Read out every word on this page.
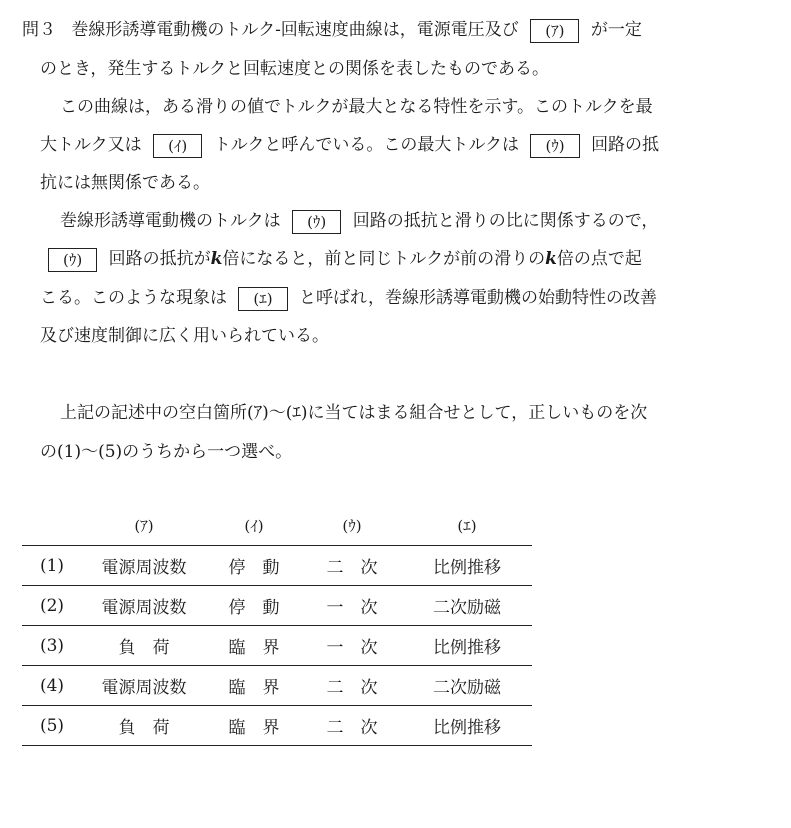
問３ 巻線形誘導電動機のトルク-回転速度曲線は，電源電圧及び (ｱ) が一定
のとき，発生するトルクと回転速度との関係を表したものである。
この曲線は，ある滑りの値でトルクが最大となる特性を示す。このトルクを最
大トルク又は (ｲ) トルクと呼んでいる。この最大トルクは (ｳ) 回路の抵
抗には無関係である。
巻線形誘導電動機のトルクは (ｳ) 回路の抵抗と滑りの比に関係するので，
(ｳ) 回路の抵抗がk倍になると，前と同じトルクが前の滑りのk倍の点で起
こる。このような現象は (ｴ) と呼ばれ，巻線形誘導電動機の始動特性の改善
及び速度制御に広く用いられている。
上記の記述中の空白箇所(ｱ)～(ｴ)に当てはまる組合せとして，正しいものを次
の(1)～(5)のうちから一つ選べ。
	(ｱ)	(ｲ)	(ｳ)	(ｴ)
(1)	電源周波数	停　動	二　次	比例推移
(2)	電源周波数	停　動	一　次	二次励磁
(3)	負　荷	臨　界	一　次	比例推移
(4)	電源周波数	臨　界	二　次	二次励磁
(5)	負　荷	臨　界	二　次	比例推移
